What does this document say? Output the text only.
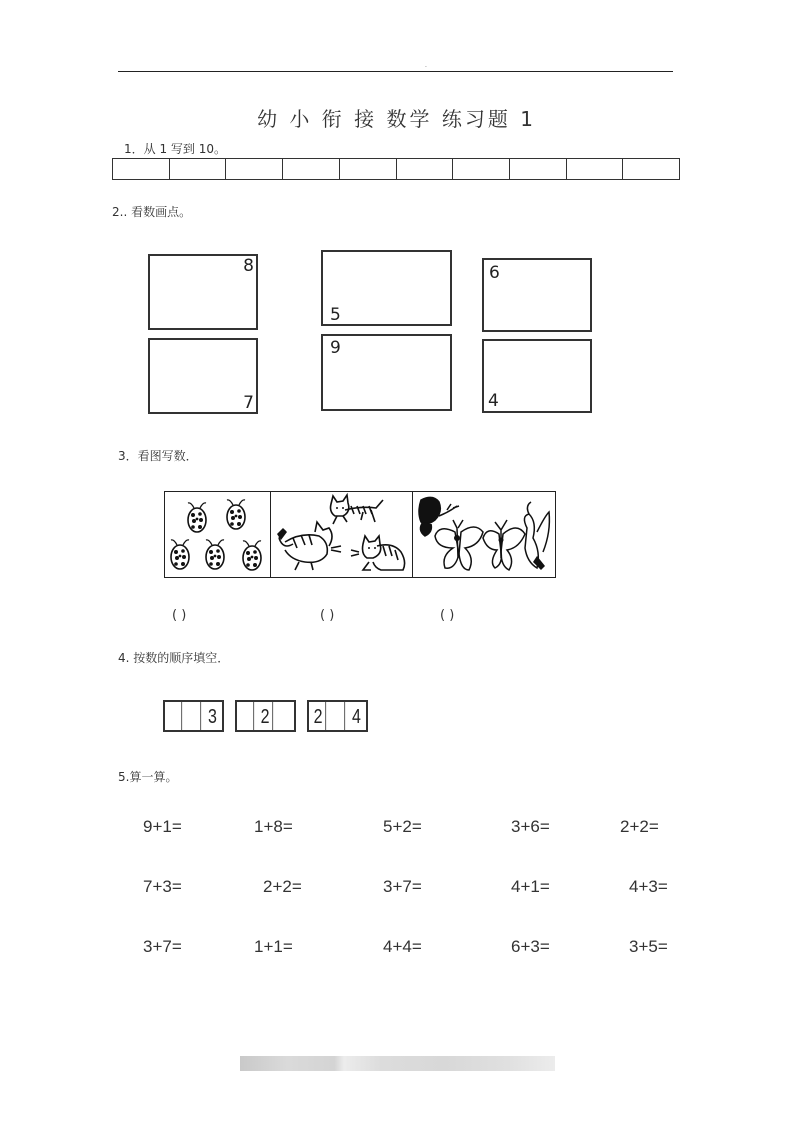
.
幼 小 衔 接 数学 练习题 1
1．从 1 写到 10。
2.. 看数画点。
8
5
6
7
9
4
3．看图写数．
( )	( )	( )
4. 按数的顺序填空．
3 2 2 4
5.算一算。
9+1=	1+8=	5+2=	3+6=	2+2=
7+3=	2+2=	3+7=	4+1=	4+3=
3+7=	1+1=	4+4=	6+3=	3+5=
